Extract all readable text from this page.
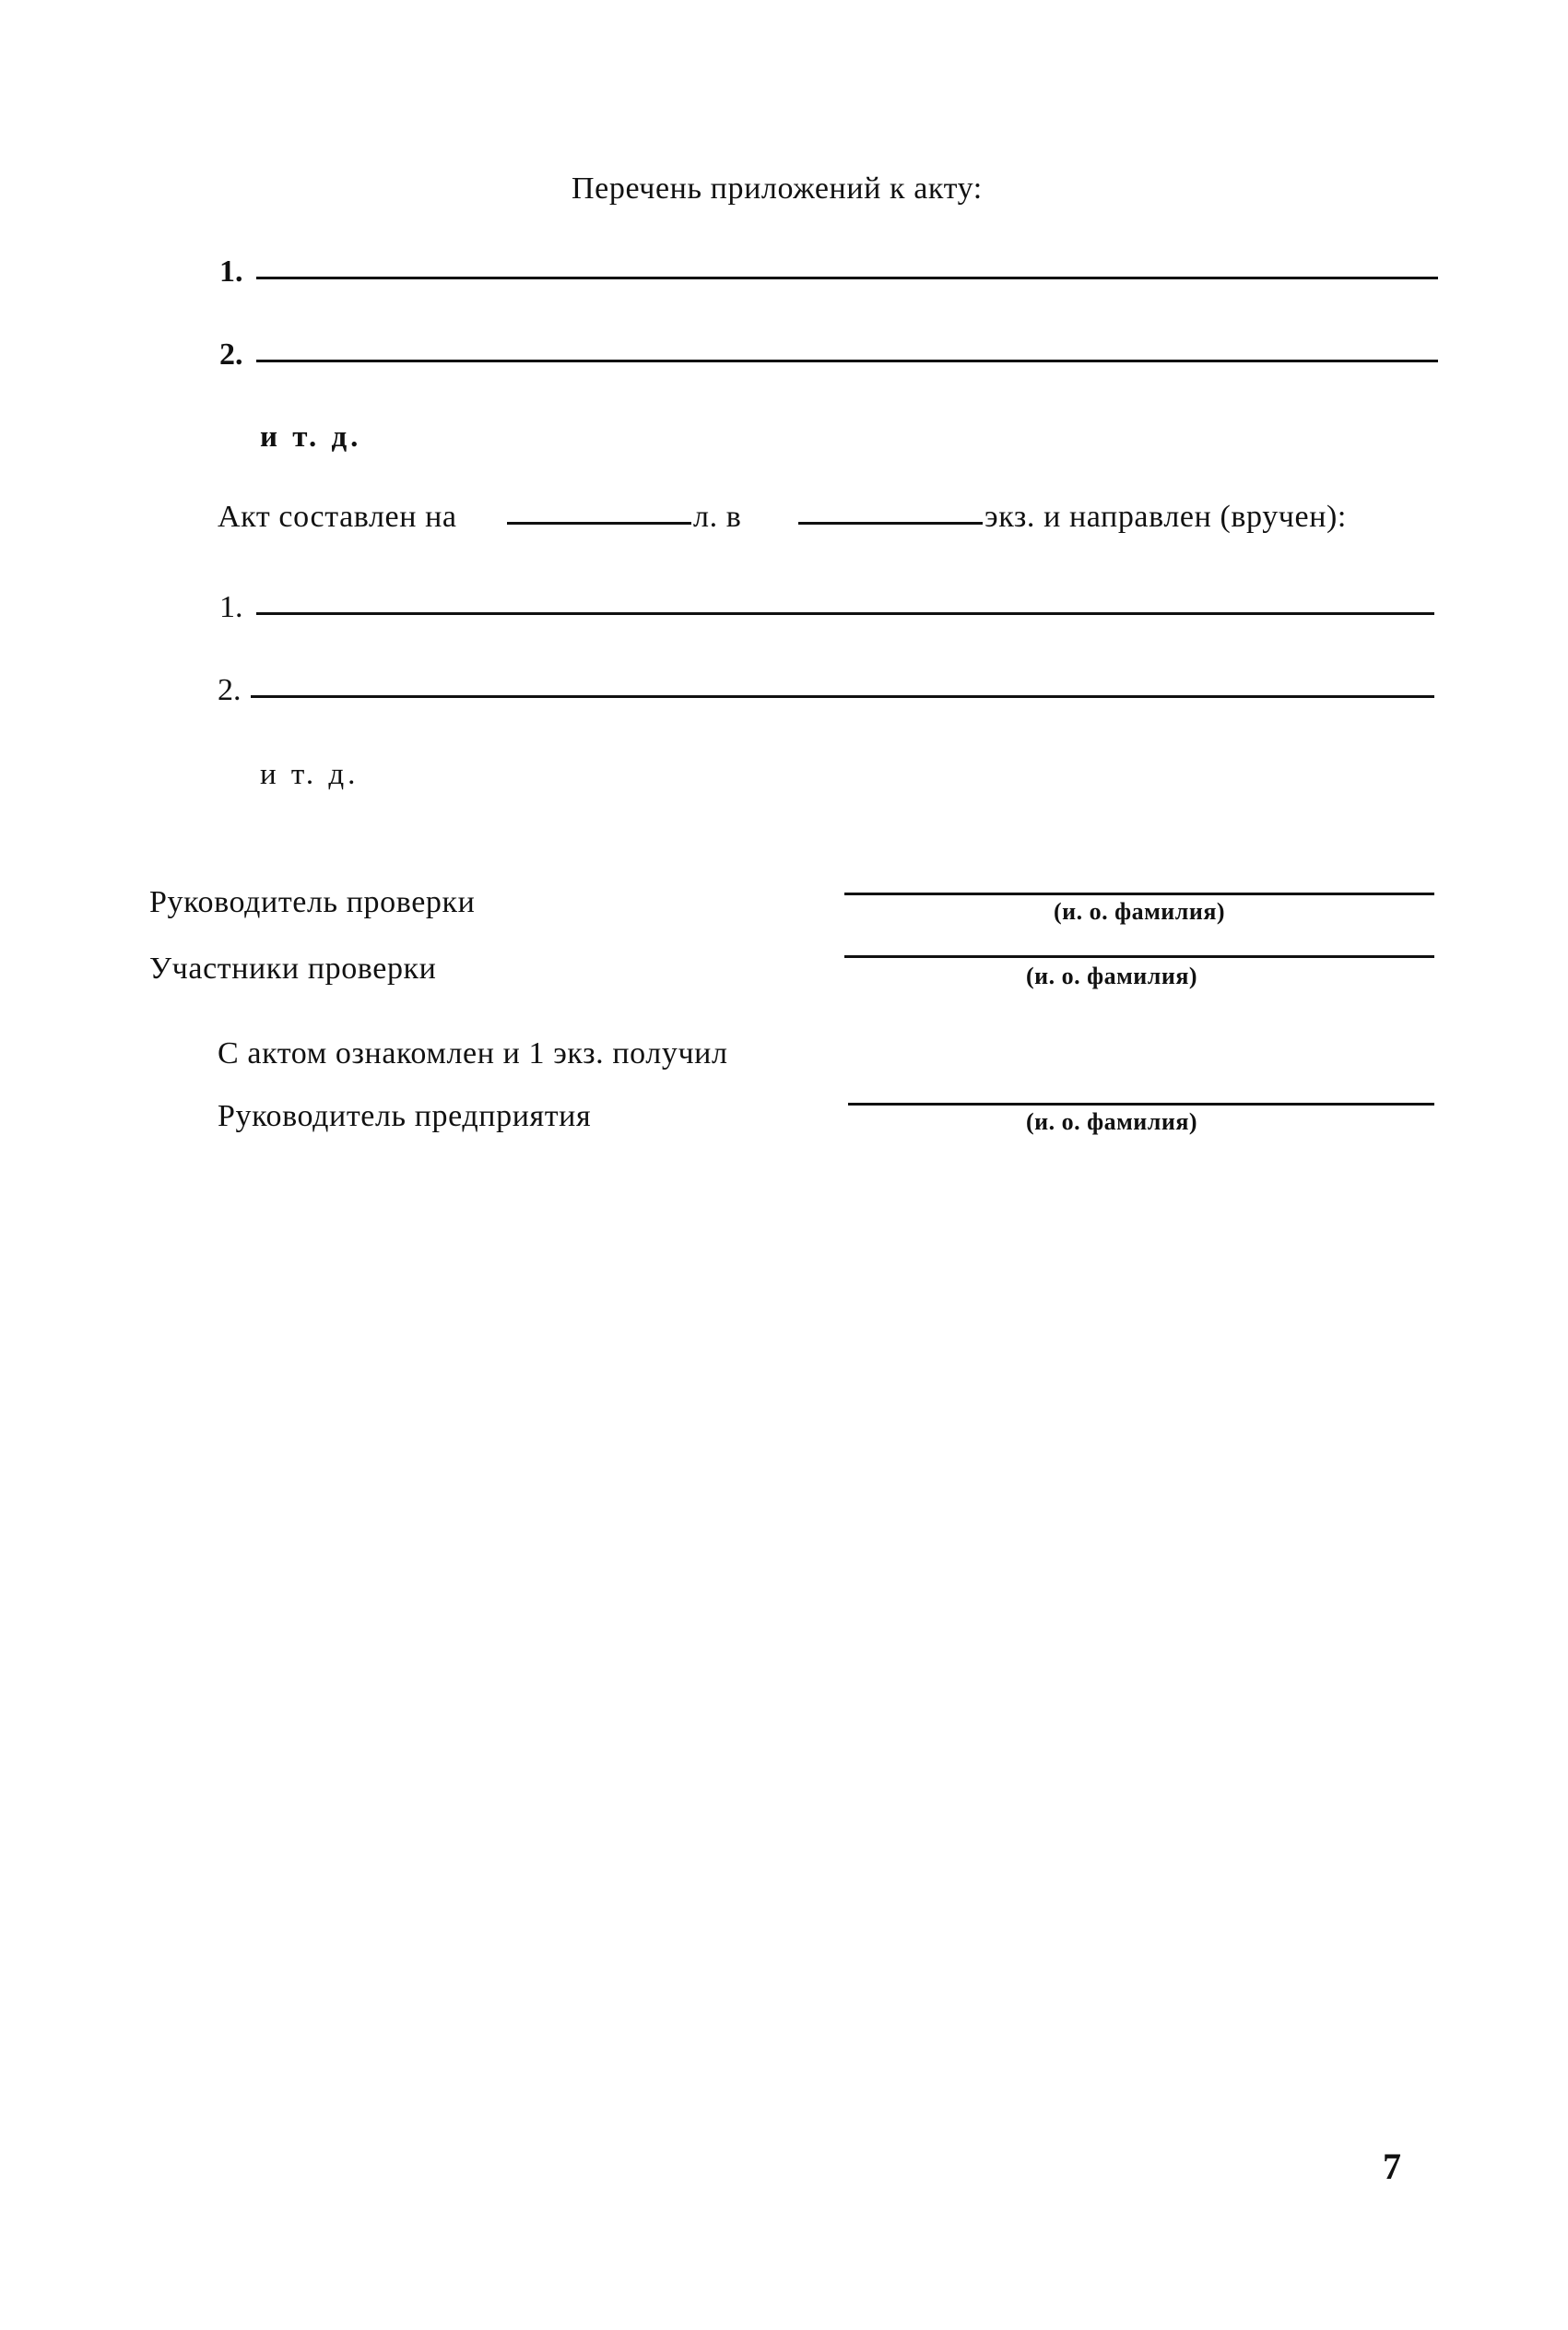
Перечень приложений к акту:
1.
2.
и т. д.
Акт составлен на	л. в	экз. и направлен (вручен):
1.
2.
и т. д.
Руководитель проверки	(и. о. фамилия)
Участники проверки	(и. о. фамилия)
С актом ознакомлен и 1 экз. получил
Руководитель предприятия	(и. о. фамилия)
7
